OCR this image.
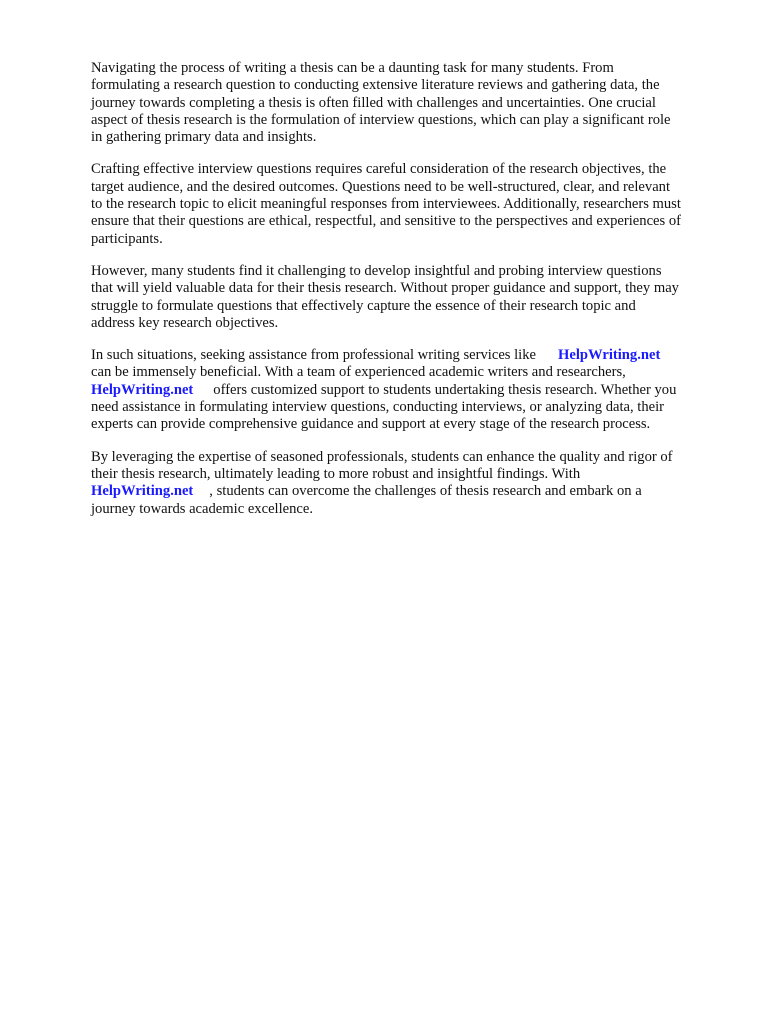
Navigating the process of writing a thesis can be a daunting task for many students. From
formulating a research question to conducting extensive literature reviews and gathering data, the
journey towards completing a thesis is often filled with challenges and uncertainties. One crucial
aspect of thesis research is the formulation of interview questions, which can play a significant role
in gathering primary data and insights.

Crafting effective interview questions requires careful consideration of the research objectives, the
target audience, and the desired outcomes. Questions need to be well-structured, clear, and relevant
to the research topic to elicit meaningful responses from interviewees. Additionally, researchers must
ensure that their questions are ethical, respectful, and sensitive to the perspectives and experiences of
participants.

However, many students find it challenging to develop insightful and probing interview questions
that will yield valuable data for their thesis research. Without proper guidance and support, they may
struggle to formulate questions that effectively capture the essence of their research topic and
address key research objectives.

In such situations, seeking assistance from professional writing services like HelpWriting.net
can be immensely beneficial. With a team of experienced academic writers and researchers,
HelpWriting.net offers customized support to students undertaking thesis research. Whether you
need assistance in formulating interview questions, conducting interviews, or analyzing data, their
experts can provide comprehensive guidance and support at every stage of the research process.

By leveraging the expertise of seasoned professionals, students can enhance the quality and rigor of
their thesis research, ultimately leading to more robust and insightful findings. With
HelpWriting.net , students can overcome the challenges of thesis research and embark on a
journey towards academic excellence.
